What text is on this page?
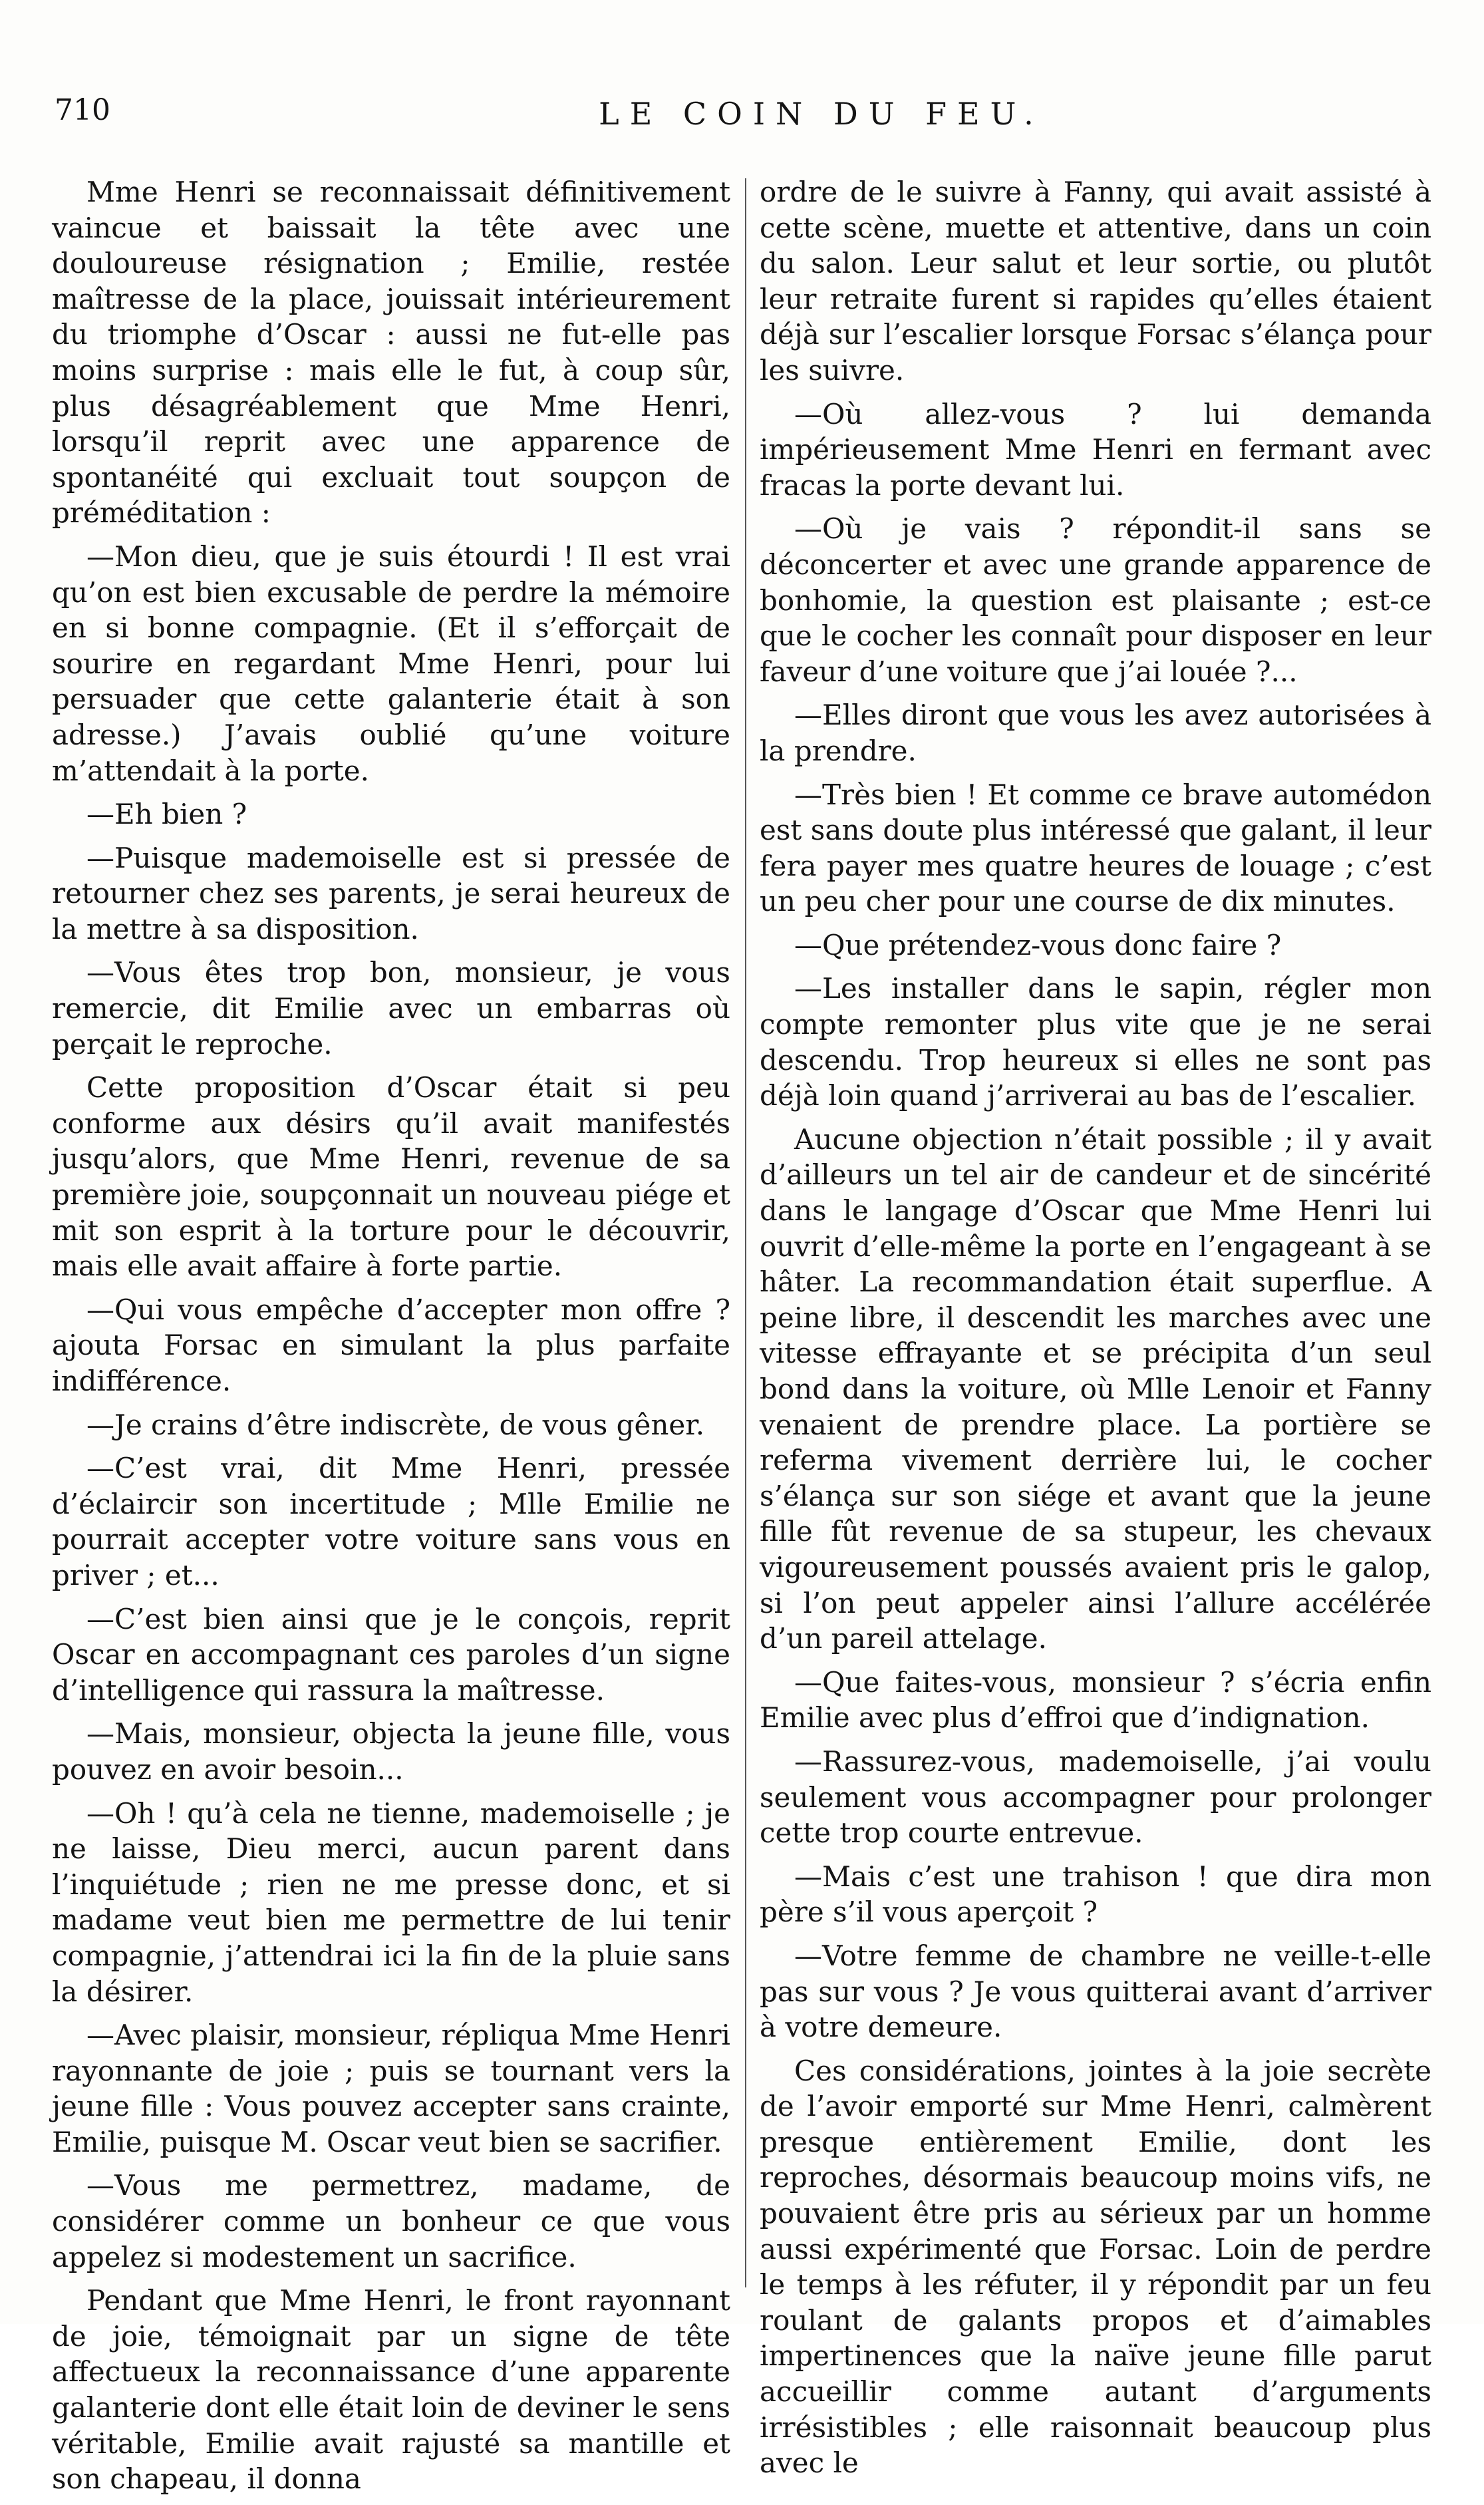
710	LE COIN DU FEU.

Mme Henri se reconnaissait définitivement vaincue et baissait la tête avec une douloureuse résignation ; Emilie, restée maîtresse de la place, jouissait intérieurement du triomphe d’Oscar : aussi ne fut-elle pas moins surprise : mais elle le fut, à coup sûr, plus désagréablement que Mme Henri, lorsqu’il reprit avec une apparence de spontanéité qui excluait tout soupçon de préméditation :

—Mon dieu, que je suis étourdi ! Il est vrai qu’on est bien excusable de perdre la mémoire en si bonne compagnie. (Et il s’efforçait de sourire en regardant Mme Henri, pour lui persuader que cette galanterie était à son adresse.) J’avais oublié qu’une voiture m’attendait à la porte.

—Eh bien ?

—Puisque mademoiselle est si pressée de retourner chez ses parents, je serai heureux de la mettre à sa disposition.

—Vous êtes trop bon, monsieur, je vous remercie, dit Emilie avec un embarras où perçait le reproche.

Cette proposition d’Oscar était si peu conforme aux désirs qu’il avait manifestés jusqu’alors, que Mme Henri, revenue de sa première joie, soupçonnait un nouveau piége et mit son esprit à la torture pour le découvrir, mais elle avait affaire à forte partie.

—Qui vous empêche d’accepter mon offre ? ajouta Forsac en simulant la plus parfaite indifférence.

—Je crains d’être indiscrète, de vous gêner.

—C’est vrai, dit Mme Henri, pressée d’éclaircir son incertitude ; Mlle Emilie ne pourrait accepter votre voiture sans vous en priver ; et...

—C’est bien ainsi que je le conçois, reprit Oscar en accompagnant ces paroles d’un signe d’intelligence qui rassura la maîtresse.

—Mais, monsieur, objecta la jeune fille, vous pouvez en avoir besoin...

—Oh ! qu’à cela ne tienne, mademoiselle ; je ne laisse, Dieu merci, aucun parent dans l’inquiétude ; rien ne me presse donc, et si madame veut bien me permettre de lui tenir compagnie, j’attendrai ici la fin de la pluie sans la désirer.

—Avec plaisir, monsieur, répliqua Mme Henri rayonnante de joie ; puis se tournant vers la jeune fille : Vous pouvez accepter sans crainte, Emilie, puisque M. Oscar veut bien se sacrifier.

—Vous me permettrez, madame, de considérer comme un bonheur ce que vous appelez si modestement un sacrifice.

Pendant que Mme Henri, le front rayonnant de joie, témoignait par un signe de tête affectueux la reconnaissance d’une apparente galanterie dont elle était loin de deviner le sens véritable, Emilie avait rajusté sa mantille et son chapeau, il donna

ordre de le suivre à Fanny, qui avait assisté à cette scène, muette et attentive, dans un coin du salon. Leur salut et leur sortie, ou plutôt leur retraite furent si rapides qu’elles étaient déjà sur l’escalier lorsque Forsac s’élança pour les suivre.

—Où allez-vous ? lui demanda impérieusement Mme Henri en fermant avec fracas la porte devant lui.

—Où je vais ? répondit-il sans se déconcerter et avec une grande apparence de bonhomie, la question est plaisante ; est-ce que le cocher les connaît pour disposer en leur faveur d’une voiture que j’ai louée ?...

—Elles diront que vous les avez autorisées à la prendre.

—Très bien ! Et comme ce brave automédon est sans doute plus intéressé que galant, il leur fera payer mes quatre heures de louage ; c’est un peu cher pour une course de dix minutes.

—Que prétendez-vous donc faire ?

—Les installer dans le sapin, régler mon compte remonter plus vite que je ne serai descendu. Trop heureux si elles ne sont pas déjà loin quand j’arriverai au bas de l’escalier.

Aucune objection n’était possible ; il y avait d’ailleurs un tel air de candeur et de sincérité dans le langage d’Oscar que Mme Henri lui ouvrit d’elle-même la porte en l’engageant à se hâter. La recommandation était superflue. A peine libre, il descendit les marches avec une vitesse effrayante et se précipita d’un seul bond dans la voiture, où Mlle Lenoir et Fanny venaient de prendre place. La portière se referma vivement derrière lui, le cocher s’élança sur son siége et avant que la jeune fille fût revenue de sa stupeur, les chevaux vigoureusement poussés avaient pris le galop, si l’on peut appeler ainsi l’allure accélérée d’un pareil attelage.

—Que faites-vous, monsieur ? s’écria enfin Emilie avec plus d’effroi que d’indignation.

—Rassurez-vous, mademoiselle, j’ai voulu seulement vous accompagner pour prolonger cette trop courte entrevue.

—Mais c’est une trahison ! que dira mon père s’il vous aperçoit ?

—Votre femme de chambre ne veille-t-elle pas sur vous ? Je vous quitterai avant d’arriver à votre demeure.

Ces considérations, jointes à la joie secrète de l’avoir emporté sur Mme Henri, calmèrent presque entièrement Emilie, dont les reproches, désormais beaucoup moins vifs, ne pouvaient être pris au sérieux par un homme aussi expérimenté que Forsac. Loin de perdre le temps à les réfuter, il y répondit par un feu roulant de galants propos et d’aimables impertinences que la naïve jeune fille parut accueillir comme autant d’arguments irrésistibles ; elle raisonnait beaucoup plus avec le
